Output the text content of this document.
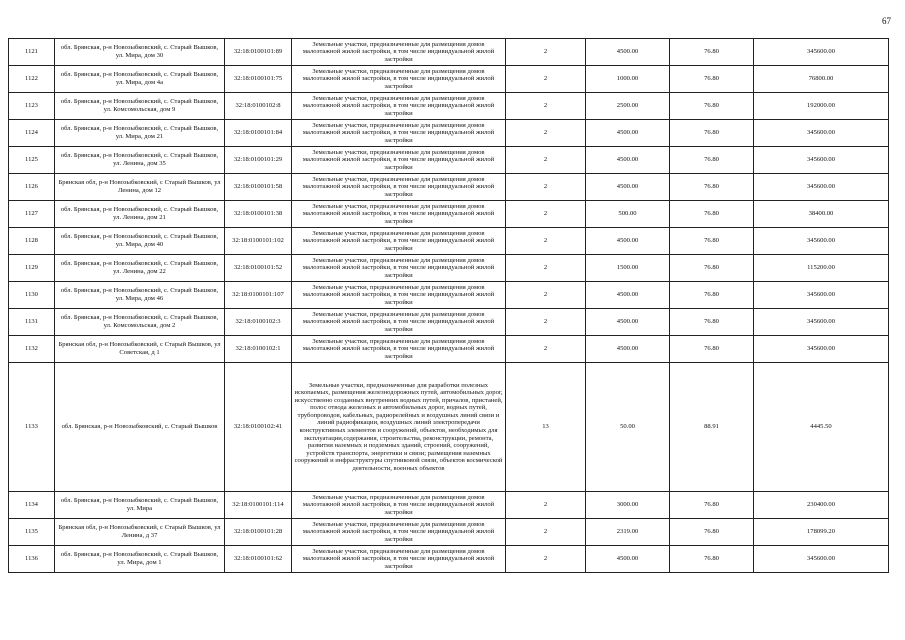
67
1121	обл. Брянская, р-н Новозыбковский, с. Старый Вышков, ул. Мира, дом 30	32:18:0100101:89	Земельные участки, предназначенные для размещения домов малоэтажной жилой застройки, в том числе индивидуальной жилой застройки	2	4500.00	76.80	345600.00
1122	обл. Брянская, р-н Новозыбковский, с. Старый Вышков, ул. Мира, дом 4а	32:18:0100101:75	Земельные участки, предназначенные для размещения домов малоэтажной жилой застройки, в том числе индивидуальной жилой застройки	2	1000.00	76.80	76800.00
1123	обл. Брянская, р-н Новозыбковский, с. Старый Вышков, ул. Комсомольская, дом 9	32:18:0100102:8	Земельные участки, предназначенные для размещения домов малоэтажной жилой застройки, в том числе индивидуальной жилой застройки	2	2500.00	76.80	192000.00
1124	обл. Брянская, р-н Новозыбковский, с. Старый Вышков, ул. Мира, дом 21	32:18:0100101:84	Земельные участки, предназначенные для размещения домов малоэтажной жилой застройки, в том числе индивидуальной жилой застройки	2	4500.00	76.80	345600.00
1125	обл. Брянская, р-н Новозыбковский, с. Старый Вышков, ул. Ленина, дом 35	32:18:0100101:29	Земельные участки, предназначенные для размещения домов малоэтажной жилой застройки, в том числе индивидуальной жилой застройки	2	4500.00	76.80	345600.00
1126	Брянская обл, р-н Новозыбковский, с Старый Вышков, ул Ленина, дом 12	32:18:0100101:58	Земельные участки, предназначенные для размещения домов малоэтажной жилой застройки, в том числе индивидуальной жилой застройки	2	4500.00	76.80	345600.00
1127	обл. Брянская, р-н Новозыбковский, с. Старый Вышков, ул. Ленина, дом 21	32:18:0100101:38	Земельные участки, предназначенные для размещения домов малоэтажной жилой застройки, в том числе индивидуальной жилой застройки	2	500.00	76.80	38400.00
1128	обл. Брянская, р-н Новозыбковский, с. Старый Вышков, ул. Мира, дом 40	32:18:0100101:102	Земельные участки, предназначенные для размещения домов малоэтажной жилой застройки, в том числе индивидуальной жилой застройки	2	4500.00	76.80	345600.00
1129	обл. Брянская, р-н Новозыбковский, с. Старый Вышков, ул. Ленина, дом 22	32:18:0100101:52	Земельные участки, предназначенные для размещения домов малоэтажной жилой застройки, в том числе индивидуальной жилой застройки	2	1500.00	76.80	115200.00
1130	обл. Брянская, р-н Новозыбковский, с. Старый Вышков, ул. Мира, дом 46	32:18:0100101:107	Земельные участки, предназначенные для размещения домов малоэтажной жилой застройки, в том числе индивидуальной жилой застройки	2	4500.00	76.80	345600.00
1131	обл. Брянская, р-н Новозыбковский, с. Старый Вышков, ул. Комсомольская, дом 2	32:18:0100102:3	Земельные участки, предназначенные для размещения домов малоэтажной жилой застройки, в том числе индивидуальной жилой застройки	2	4500.00	76.80	345600.00
1132	Брянская обл, р-н Новозыбковский, с Старый Вышков, ул Советская, д 1	32:18:0100102:1	Земельные участки, предназначенные для размещения домов малоэтажной жилой застройки, в том числе индивидуальной жилой застройки	2	4500.00	76.80	345600.00
1133	обл. Брянская, р-н Новозыбковский, с. Старый Вышков	32:18:0100102:41	Земельные участки, предназначенные для разработки полезных ископаемых, размещения железнодорожных путей, автомобильных дорог, искусственно созданных внутренних водных путей, причалов, пристаней, полос отвода железных и автомобильных дорог, водных путей, трубопроводов, кабельных, радиорелейных и воздушных линий связи и линий радиофикации, воздушных линий электропередачи конструктивных элементов и сооружений, объектов, необходимых для эксплуатации,содержания, строительства, реконструкции, ремонта, развития наземных и подземных зданий, строений, сооружений, устройств транспорта, энергетики и связи; размещения наземных сооружений и инфраструктуры спутниковой связи, объектов космической деятельности, военных объектов	13	50.00	88.91	4445.50
1134	обл. Брянская, р-н Новозыбковский, с. Старый Вышков, ул. Мира	32:18:0100101:114	Земельные участки, предназначенные для размещения домов малоэтажной жилой застройки, в том числе индивидуальной жилой застройки	2	3000.00	76.80	230400.00
1135	Брянская обл, р-н Новозыбковский, с Старый Вышков, ул Ленина, д 37	32:18:0100101:28	Земельные участки, предназначенные для размещения домов малоэтажной жилой застройки, в том числе индивидуальной жилой застройки	2	2319.00	76.80	178099.20
1136	обл. Брянская, р-н Новозыбковский, с. Старый Вышков, ул. Мира, дом 1	32:18:0100101:62	Земельные участки, предназначенные для размещения домов малоэтажной жилой застройки, в том числе индивидуальной жилой застройки	2	4500.00	76.80	345600.00
